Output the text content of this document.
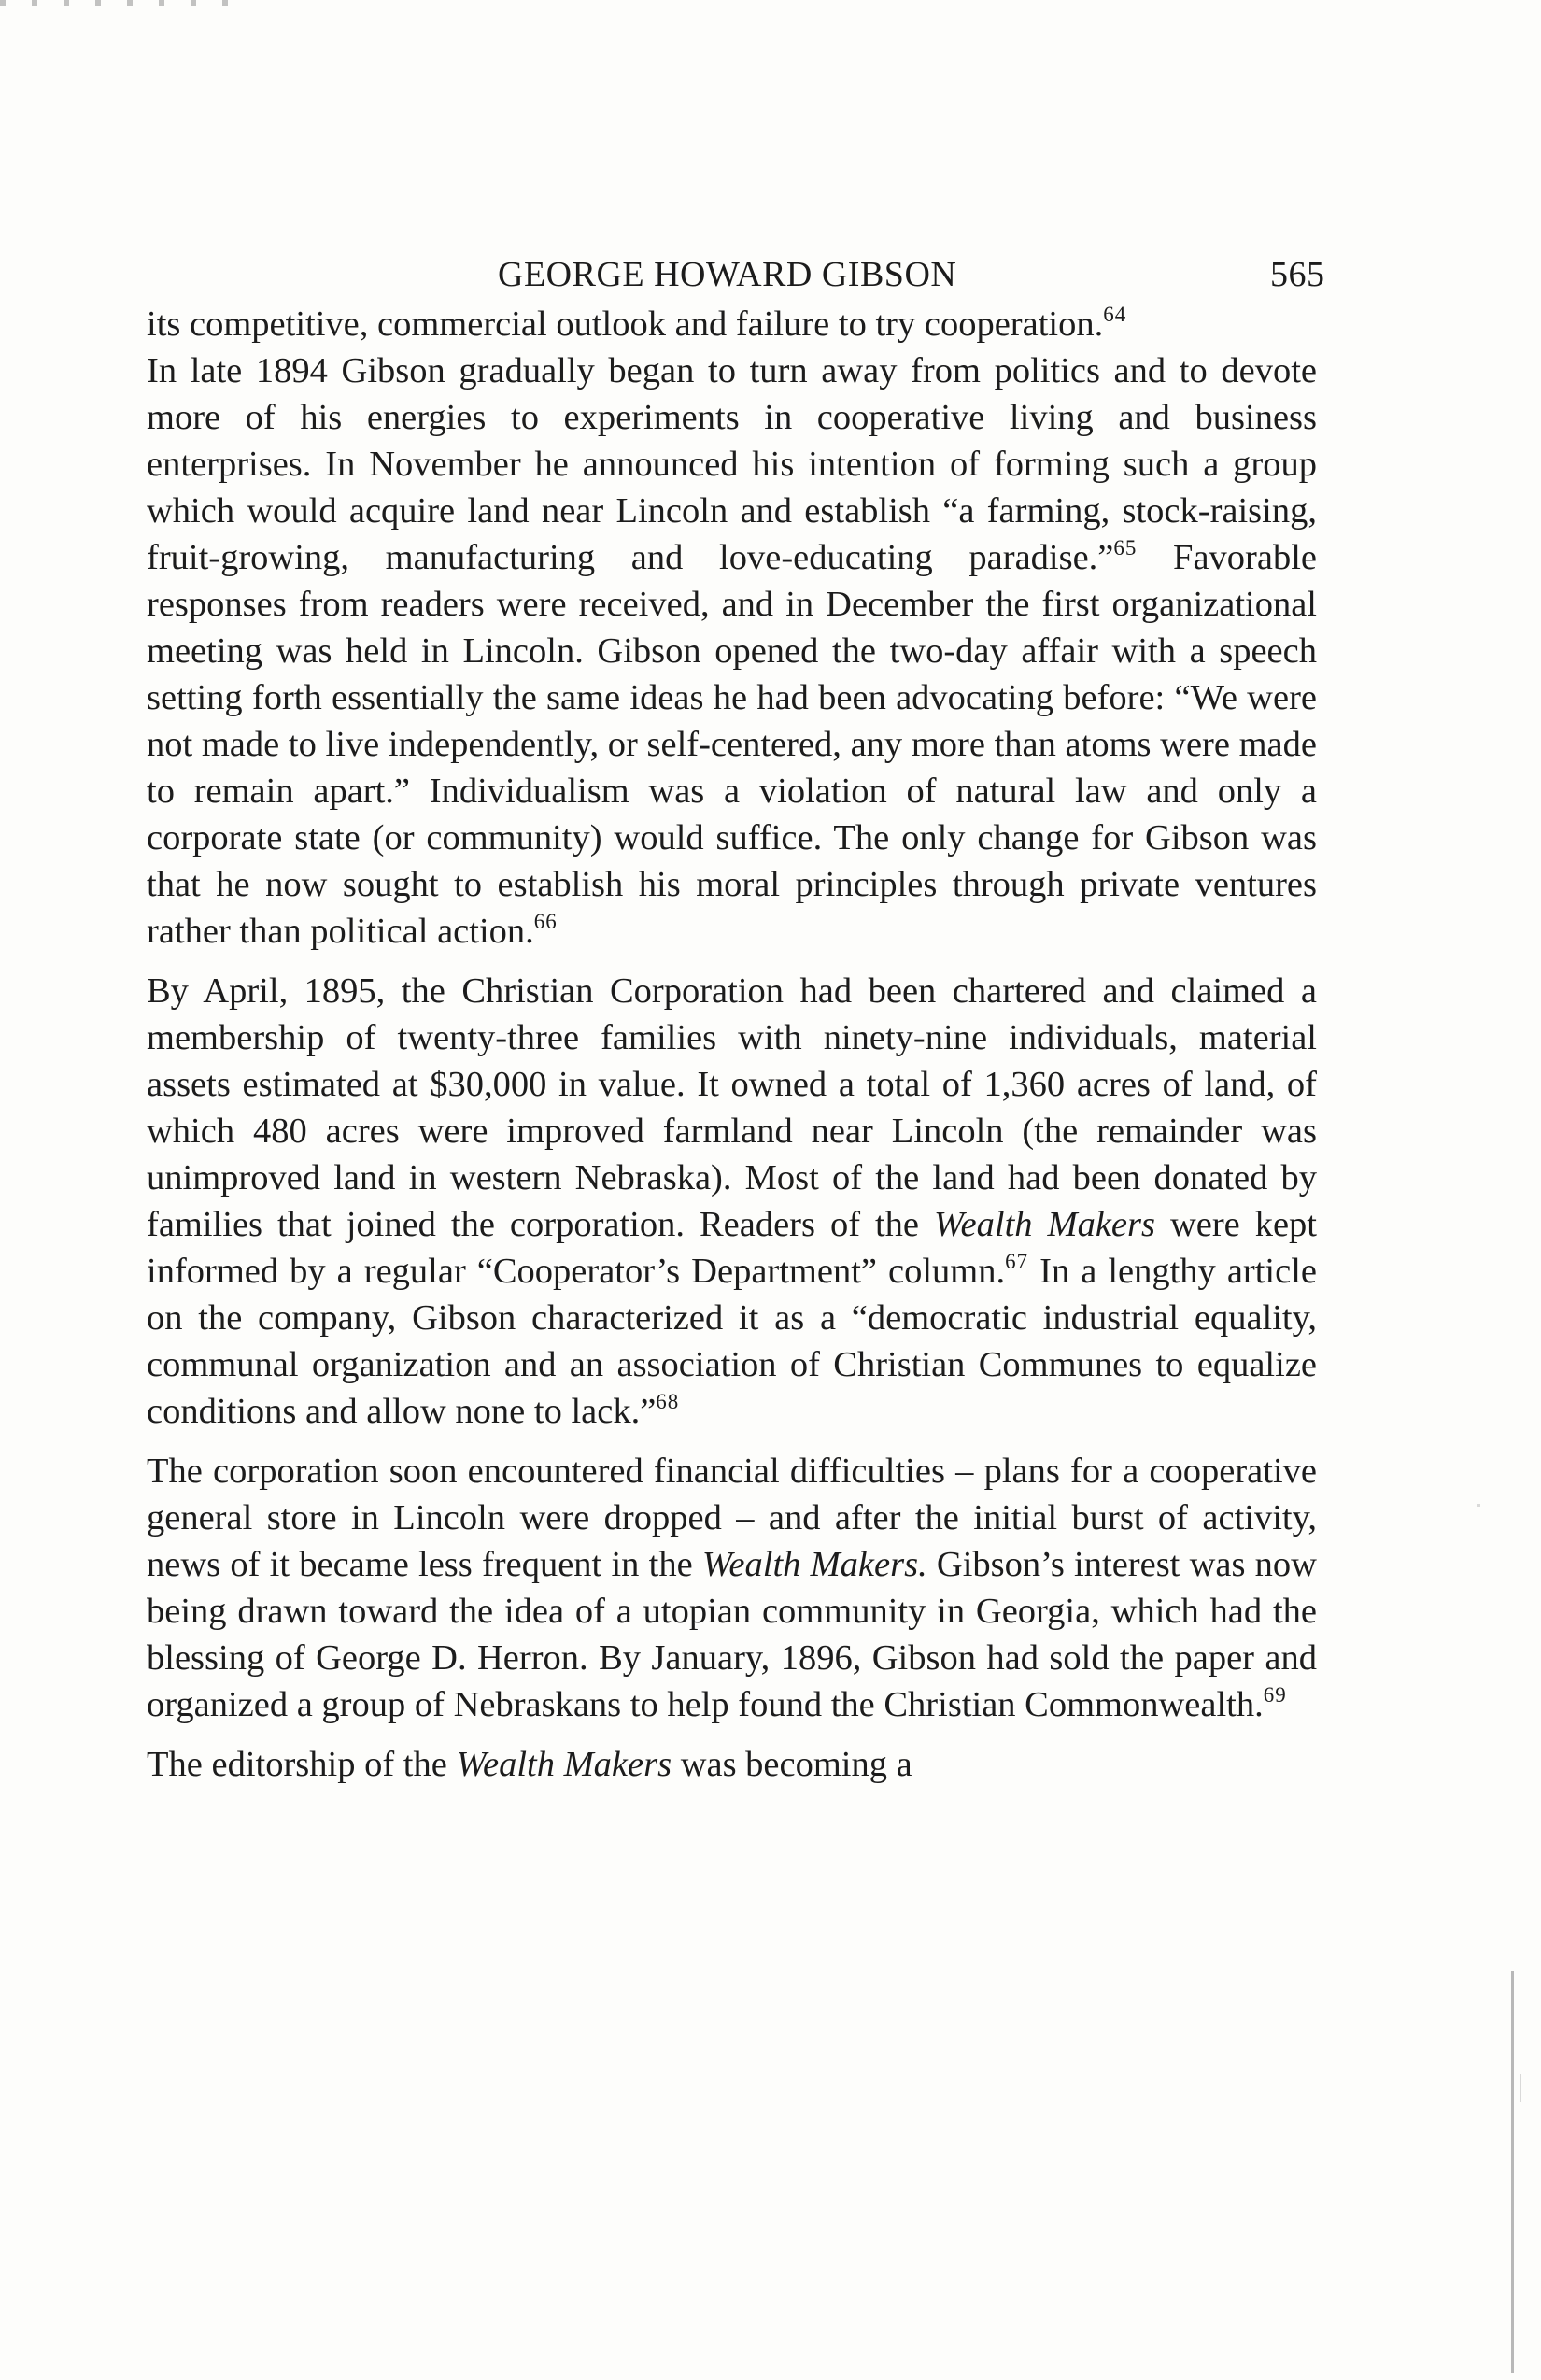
GEORGE HOWARD GIBSON	565

its competitive, commercial outlook and failure to try cooperation.$^{64}$

In late 1894 Gibson gradually began to turn away from politics and to devote more of his energies to experiments in cooperative living and business enterprises. In November he announced his intention of forming such a group which would acquire land near Lincoln and establish “a farming, stock-raising, fruit-growing, manufacturing and love-educating paradise.”$^{65}$ Favorable responses from readers were received, and in December the first organizational meeting was held in Lincoln. Gibson opened the two-day affair with a speech setting forth essentially the same ideas he had been advocating before: “We were not made to live independently, or self-centered, any more than atoms were made to remain apart.” Individualism was a violation of natural law and only a corporate state (or community) would suffice. The only change for Gibson was that he now sought to establish his moral principles through private ventures rather than political action.$^{66}$

By April, 1895, the Christian Corporation had been chartered and claimed a membership of twenty-three families with ninety-nine individuals, material assets estimated at $30,000 in value. It owned a total of 1,360 acres of land, of which 480 acres were improved farmland near Lincoln (the remainder was unimproved land in western Nebraska). Most of the land had been donated by families that joined the corporation. Readers of the Wealth Makers were kept informed by a regular “Cooperator’s Department” column.$^{67}$ In a lengthy article on the company, Gibson characterized it as a “democratic industrial equality, communal organization and an association of Christian Communes to equalize conditions and allow none to lack.”$^{68}$

The corporation soon encountered financial difficulties – plans for a cooperative general store in Lincoln were dropped – and after the initial burst of activity, news of it became less frequent in the Wealth Makers. Gibson’s interest was now being drawn toward the idea of a utopian community in Georgia, which had the blessing of George D. Herron. By January, 1896, Gibson had sold the paper and organized a group of Nebraskans to help found the Christian Commonwealth.$^{69}$

The editorship of the Wealth Makers was becoming a
